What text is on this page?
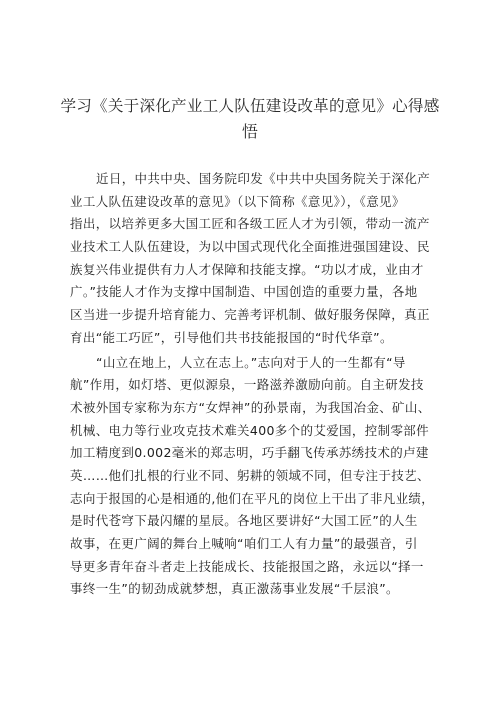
学习《关于深化产业工人队伍建设改革的意见》心得感
悟
近日，中共中央、国务院印发《中共中央国务院关于深化产
业工人队伍建设改革的意见》（以下简称《意见》），《意见》
指出，以培养更多大国工匠和各级工匠人才为引领，带动一流产
业技术工人队伍建设，为以中国式现代化全面推进强国建设、民
族复兴伟业提供有力人才保障和技能支撑。“功以才成，业由才
广。”技能人才作为支撑中国制造、中国创造的重要力量，各地
区当进一步提升培育能力、完善考评机制、做好服务保障，真正
育出“能工巧匠”，引导他们共书技能报国的“时代华章”。
“山立在地上，人立在志上。”志向对于人的一生都有“导
航”作用，如灯塔、更似源泉，一路滋养激励向前。自主研发技
术被外国专家称为东方“女焊神”的孙景南，为我国冶金、矿山、
机械、电力等行业攻克技术难关400多个的艾爱国，控制零部件
加工精度到0.002毫米的郑志明，巧手翻飞传承苏绣技术的卢建
英……他们扎根的行业不同、躬耕的领域不同，但专注于技艺、
志向于报国的心是相通的,他们在平凡的岗位上干出了非凡业绩，
是时代苍穹下最闪耀的星辰。各地区要讲好“大国工匠”的人生
故事，在更广阔的舞台上喊响“咱们工人有力量”的最强音，引
导更多青年奋斗者走上技能成长、技能报国之路，永远以“择一
事终一生”的韧劲成就梦想，真正激荡事业发展“千层浪”。
